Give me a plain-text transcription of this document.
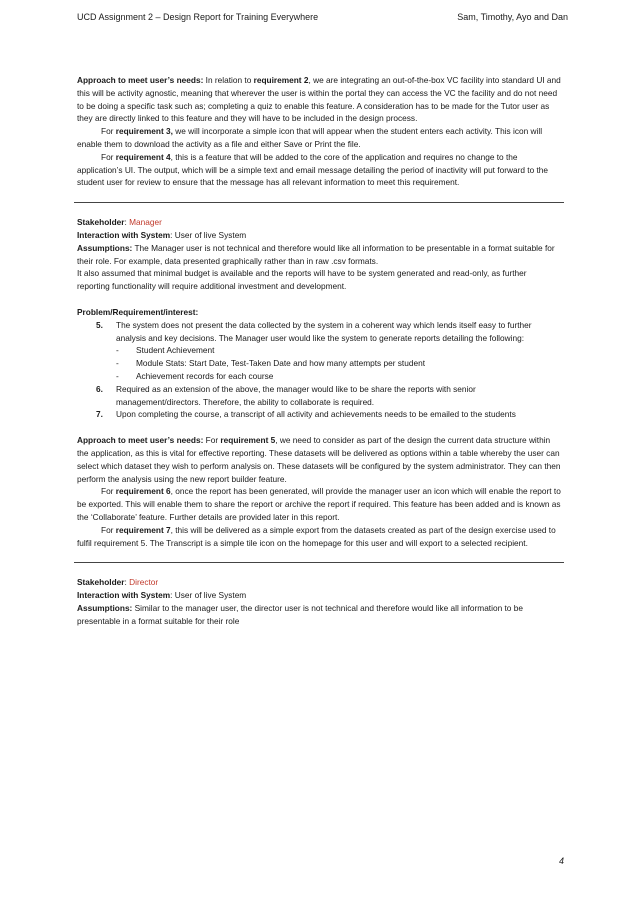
UCD Assignment 2 – Design Report for Training Everywhere	Sam, Timothy, Ayo and Dan

Approach to meet user’s needs: In relation to requirement 2, we are integrating an out-of-the-box VC facility into standard UI and this will be activity agnostic, meaning that wherever the user is within the portal they can access the VC the facility and do not need to be doing a specific task such as; completing a quiz to enable this feature. A consideration has to be made for the Tutor user as they are directly linked to this feature and they will have to be included in the design process.

For requirement 3, we will incorporate a simple icon that will appear when the student enters each activity. This icon will enable them to download the activity as a file and either Save or Print the file.

For requirement 4, this is a feature that will be added to the core of the application and requires no change to the application’s UI. The output, which will be a simple text and email message detailing the period of inactivity will put forward to the student user for review to ensure that the message has all relevant information to meet this requirement.

Stakeholder: Manager

Interaction with System: User of live System

Assumptions: The Manager user is not technical and therefore would like all information to be presentable in a format suitable for their role. For example, data presented graphically rather than in raw .csv formats.

It also assumed that minimal budget is available and the reports will have to be system generated and read-only, as further reporting functionality will require additional investment and development.

Problem/Requirement/interest:

5. The system does not present the data collected by the system in a coherent way which lends itself easy to further analysis and key decisions. The Manager user would like the system to generate reports detailing the following:
- Student Achievement
- Module Stats: Start Date, Test-Taken Date and how many attempts per student
- Achievement records for each course
6. Required as an extension of the above, the manager would like to be share the reports with senior management/directors. Therefore, the ability to collaborate is required.
7. Upon completing the course, a transcript of all activity and achievements needs to be emailed to the students

Approach to meet user’s needs: For requirement 5, we need to consider as part of the design the current data structure within the application, as this is vital for effective reporting. These datasets will be delivered as options within a table whereby the user can select which dataset they wish to perform analysis on. These datasets will be configured by the system administrator. They can then perform the analysis using the new report builder feature.

For requirement 6, once the report has been generated, will provide the manager user an icon which will enable the report to be exported. This will enable them to share the report or archive the report if required. This feature has been added and is known as the ‘Collaborate’ feature. Further details are provided later in this report.

For requirement 7, this will be delivered as a simple export from the datasets created as part of the design exercise used to fulfil requirement 5. The Transcript is a simple tile icon on the homepage for this user and will export to a selected recipient.

Stakeholder: Director

Interaction with System: User of live System

Assumptions: Similar to the manager user, the director user is not technical and therefore would like all information to be presentable in a format suitable for their role

4
